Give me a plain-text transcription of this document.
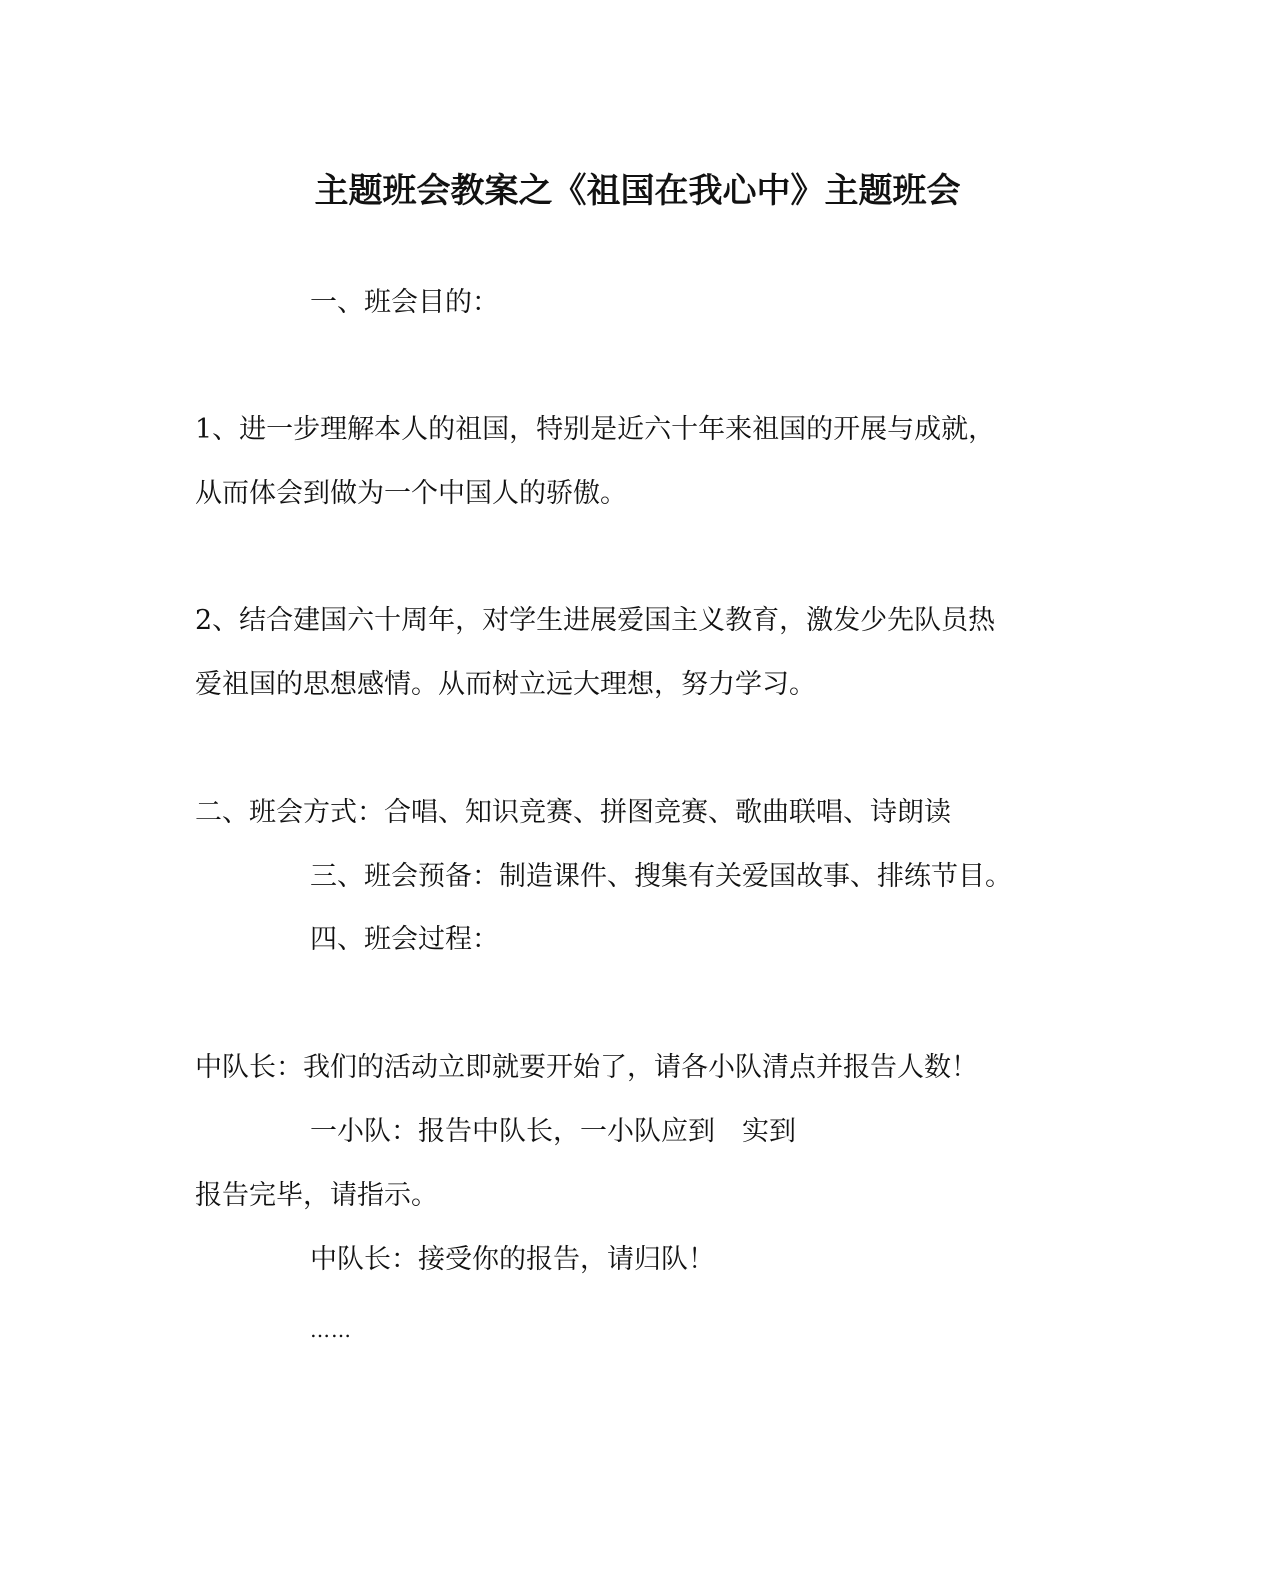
主题班会教案之《祖国在我心中》主题班会
一、班会目的：
1、进一步理解本人的祖国，特别是近六十年来祖国的开展与成就，
从而体会到做为一个中国人的骄傲。
2、结合建国六十周年，对学生进展爱国主义教育，激发少先队员热
爱祖国的思想感情。从而树立远大理想，努力学习。
二、班会方式：合唱、知识竞赛、拼图竞赛、歌曲联唱、诗朗读
三、班会预备：制造课件、搜集有关爱国故事、排练节目。
四、班会过程：
中队长：我们的活动立即就要开始了，请各小队清点并报告人数！
一小队：报告中队长，一小队应到　实到
报告完毕，请指示。
中队长：接受你的报告，请归队！
……
